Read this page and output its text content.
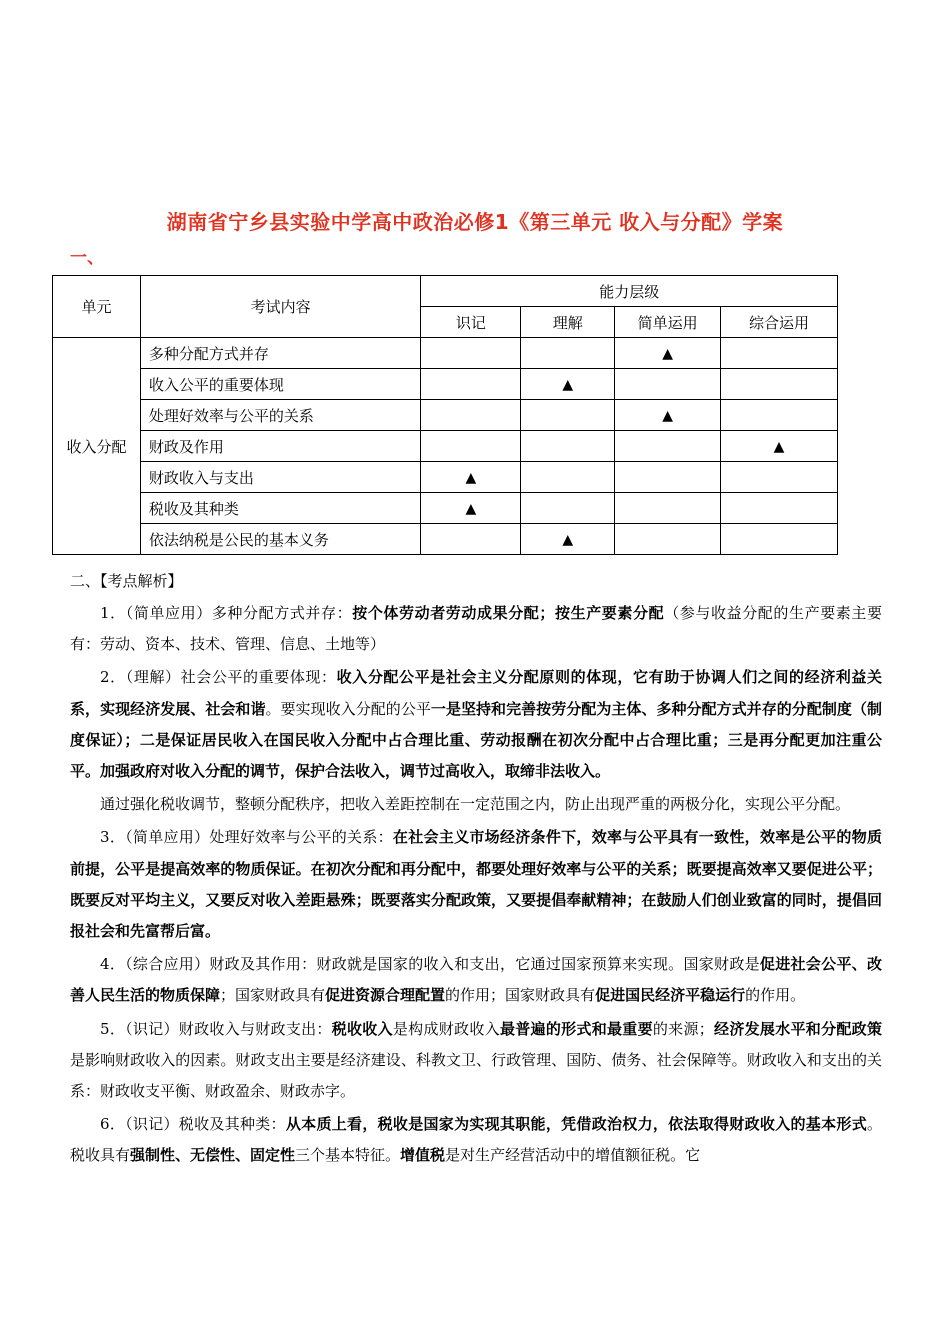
湖南省宁乡县实验中学高中政治必修1《第三单元 收入与分配》学案
一、
单元	考试内容	能力层级			
		识记	理解	简单运用	综合运用
收入分配	多种分配方式并存			▲	
	收入公平的重要体现		▲		
	处理好效率与公平的关系			▲	
	财政及作用				▲
	财政收入与支出	▲			
	税收及其种类	▲			
	依法纳税是公民的基本义务		▲		
二、【考点解析】

1．（简单应用）多种分配方式并存：按个体劳动者劳动成果分配；按生产要素分配（参与收益分配的生产要素主要有：劳动、资本、技术、管理、信息、土地等）

2．（理解）社会公平的重要体现：收入分配公平是社会主义分配原则的体现，它有助于协调人们之间的经济利益关系，实现经济发展、社会和谐。要实现收入分配的公平一是坚持和完善按劳分配为主体、多种分配方式并存的分配制度（制度保证）；二是保证居民收入在国民收入分配中占合理比重、劳动报酬在初次分配中占合理比重；三是再分配更加注重公平。加强政府对收入分配的调节，保护合法收入，调节过高收入，取缔非法收入。

通过强化税收调节，整顿分配秩序，把收入差距控制在一定范围之内，防止出现严重的两极分化，实现公平分配。

3．（简单应用）处理好效率与公平的关系：在社会主义市场经济条件下，效率与公平具有一致性，效率是公平的物质前提，公平是提高效率的物质保证。在初次分配和再分配中，都要处理好效率与公平的关系；既要提高效率又要促进公平；既要反对平均主义，又要反对收入差距悬殊；既要落实分配政策，又要提倡奉献精神；在鼓励人们创业致富的同时，提倡回报社会和先富帮后富。

4．（综合应用）财政及其作用：财政就是国家的收入和支出，它通过国家预算来实现。国家财政是促进社会公平、改善人民生活的物质保障；国家财政具有促进资源合理配置的作用；国家财政具有促进国民经济平稳运行的作用。

5．（识记）财政收入与财政支出：税收收入是构成财政收入最普遍的形式和最重要的来源；经济发展水平和分配政策是影响财政收入的因素。财政支出主要是经济建设、科教文卫、行政管理、国防、债务、社会保障等。财政收入和支出的关系：财政收支平衡、财政盈余、财政赤字。

6．（识记）税收及其种类：从本质上看，税收是国家为实现其职能，凭借政治权力，依法取得财政收入的基本形式。税收具有强制性、无偿性、固定性三个基本特征。增值税是对生产经营活动中的增值额征税。它
